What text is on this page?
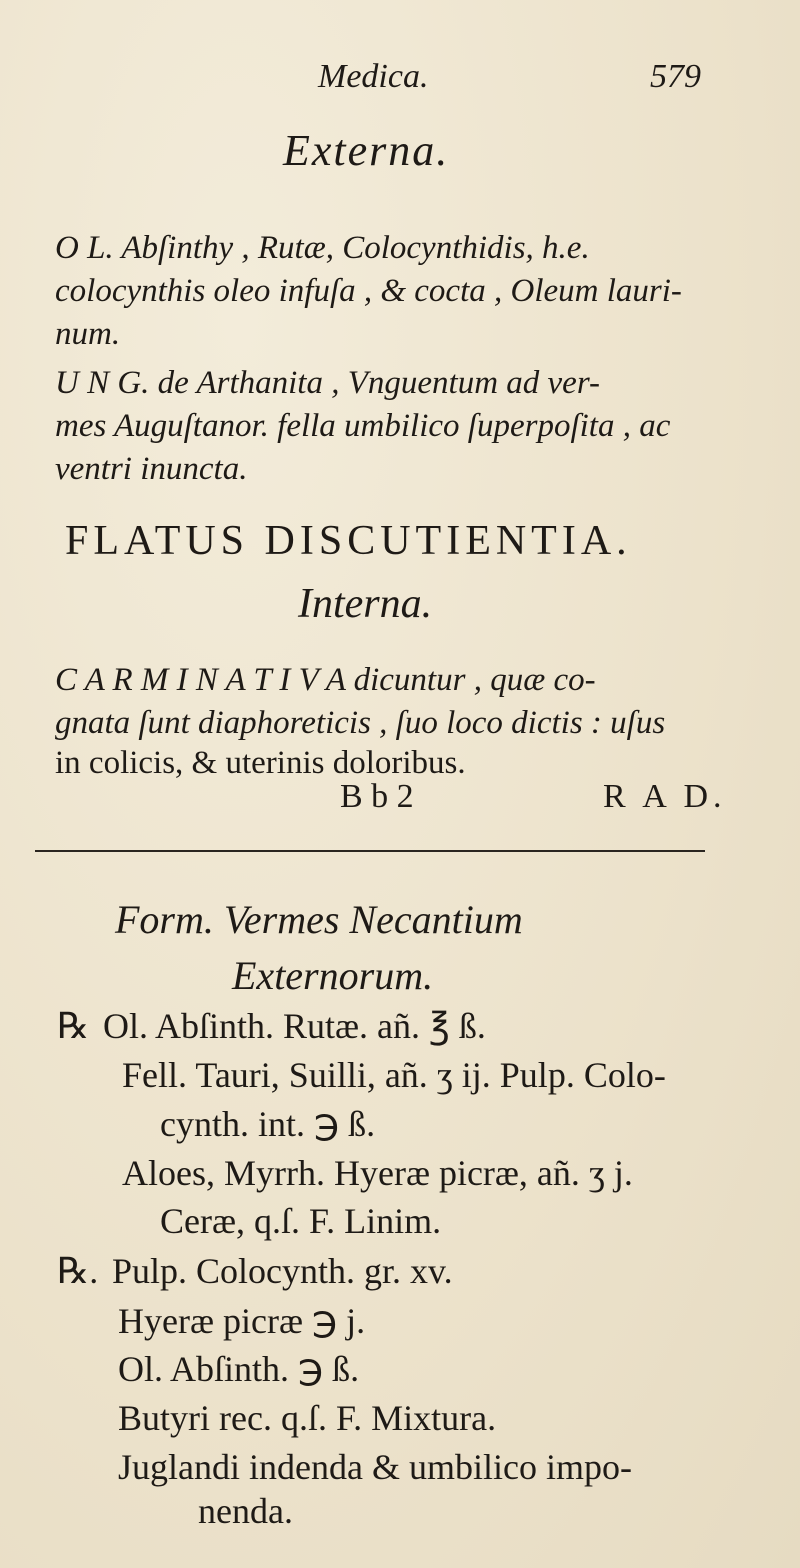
Medica.	579
Externa.
O L. Abſinthy , Rutæ, Colocynthidis, h.e.
colocynthis oleo infuſa , & cocta , Oleum lauri-
num.
U N G. de Arthanita , Vnguentum ad ver-
mes Auguſtanor. fella umbilico ſuperpoſita , ac
ventri inuncta.
FLATUS DISCUTIENTIA.
Interna.
C A R M I N A T I V A dicuntur , quæ co-
gnata ſunt diaphoreticis , ſuo loco dictis : uſus
in colicis, & uterinis doloribus.
B b 2	R A D.
Form. Vermes Necantium
Externorum.
℞ Ol. Abſinth. Rutæ. añ. ℥ ß.
Fell. Tauri, Suilli, añ. ʒ ij. Pulp. Colo-
cynth. int. ℈ ß.
Aloes, Myrrh. Hyeræ picræ, añ. ʒ j.
Ceræ, q.ſ. F. Linim.
℞. Pulp. Colocynth. gr. xv.
Hyeræ picræ ℈ j.
Ol. Abſinth. ℈ ß.
Butyri rec. q.ſ. F. Mixtura.
Juglandi indenda & umbilico impo-
nenda.
